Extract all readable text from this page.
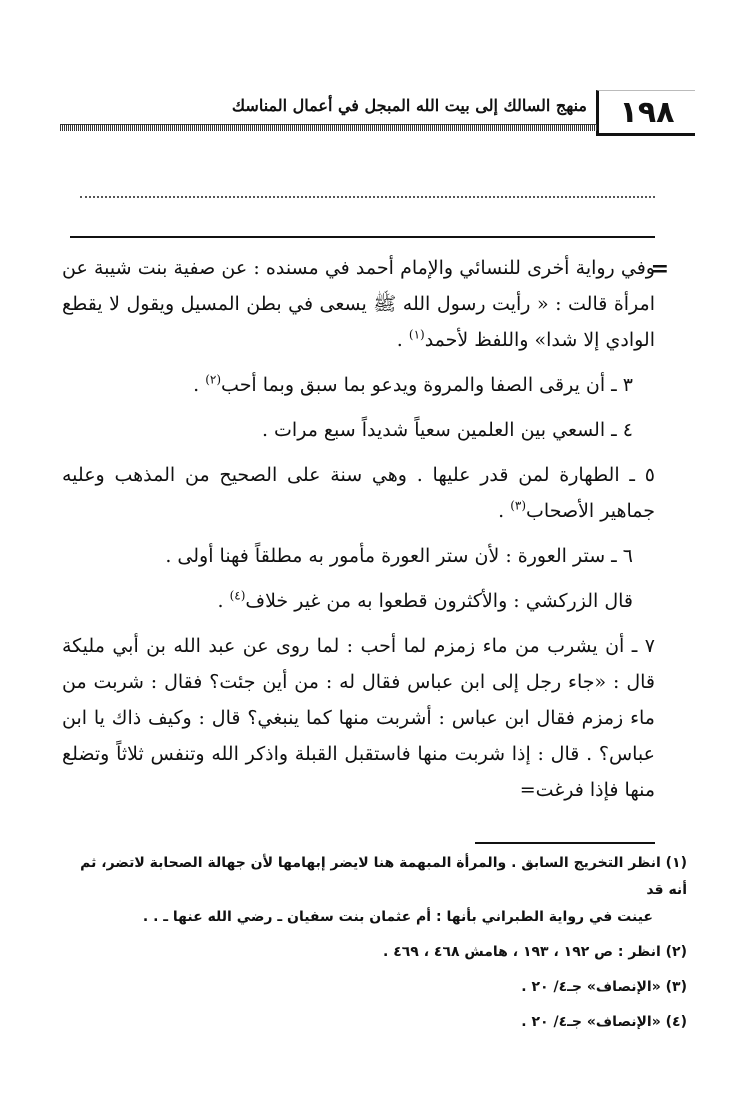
١٩٨
منهج السالك إلى بيت الله المبجل في أعمال المناسك
=

وفي رواية أخرى للنسائي والإمام أحمد في مسنده : عن صفية بنت شيبة عن امرأة قالت : « رأيت رسول الله ﷺ يسعى في بطن المسيل ويقول لا يقطع الوادي إلا شدا» واللفظ لأحمد$^{(١)}$ .

٣ ـ أن يرقى الصفا والمروة ويدعو بما سبق وبما أحب$^{(٢)}$ .

٤ ـ السعي بين العلمين سعياً شديداً سبع مرات .

٥ ـ الطهارة لمن قدر عليها . وهي سنة على الصحيح من المذهب وعليه جماهير الأصحاب$^{(٣)}$ .

٦ ـ ستر العورة : لأن ستر العورة مأمور به مطلقاً فهنا أولى .

قال الزركشي : والأكثرون قطعوا به من غير خلاف$^{(٤)}$ .

٧ ـ أن يشرب من ماء زمزم لما أحب : لما روى عن عبد الله بن أبي مليكة قال : «جاء رجل إلى ابن عباس فقال له : من أين جئت؟ فقال : شربت من ماء زمزم فقال ابن عباس : أشربت منها كما ينبغي؟ قال : وكيف ذاك يا ابن عباس؟ . قال : إذا شربت منها فاستقبل القبلة واذكر الله وتنفس ثلاثاً وتضلع منها فإذا فرغت=

(١) انظر التخريج السابق . والمرأة المبهمة هنا لايضر إبهامها لأن جهالة الصحابة لاتضر، ثم أنه قد
عينت في رواية الطبراني بأنها : أم عثمان بنت سفيان ـ رضي الله عنها ـ . .

(٢) انظر : ص ١٩٢ ، ١٩٣ ، هامش ٤٦٨ ، ٤٦٩ .

(٣) «الإنصاف» جـ٤/ ٢٠ .

(٤) «الإنصاف» جـ٤/ ٢٠ .
